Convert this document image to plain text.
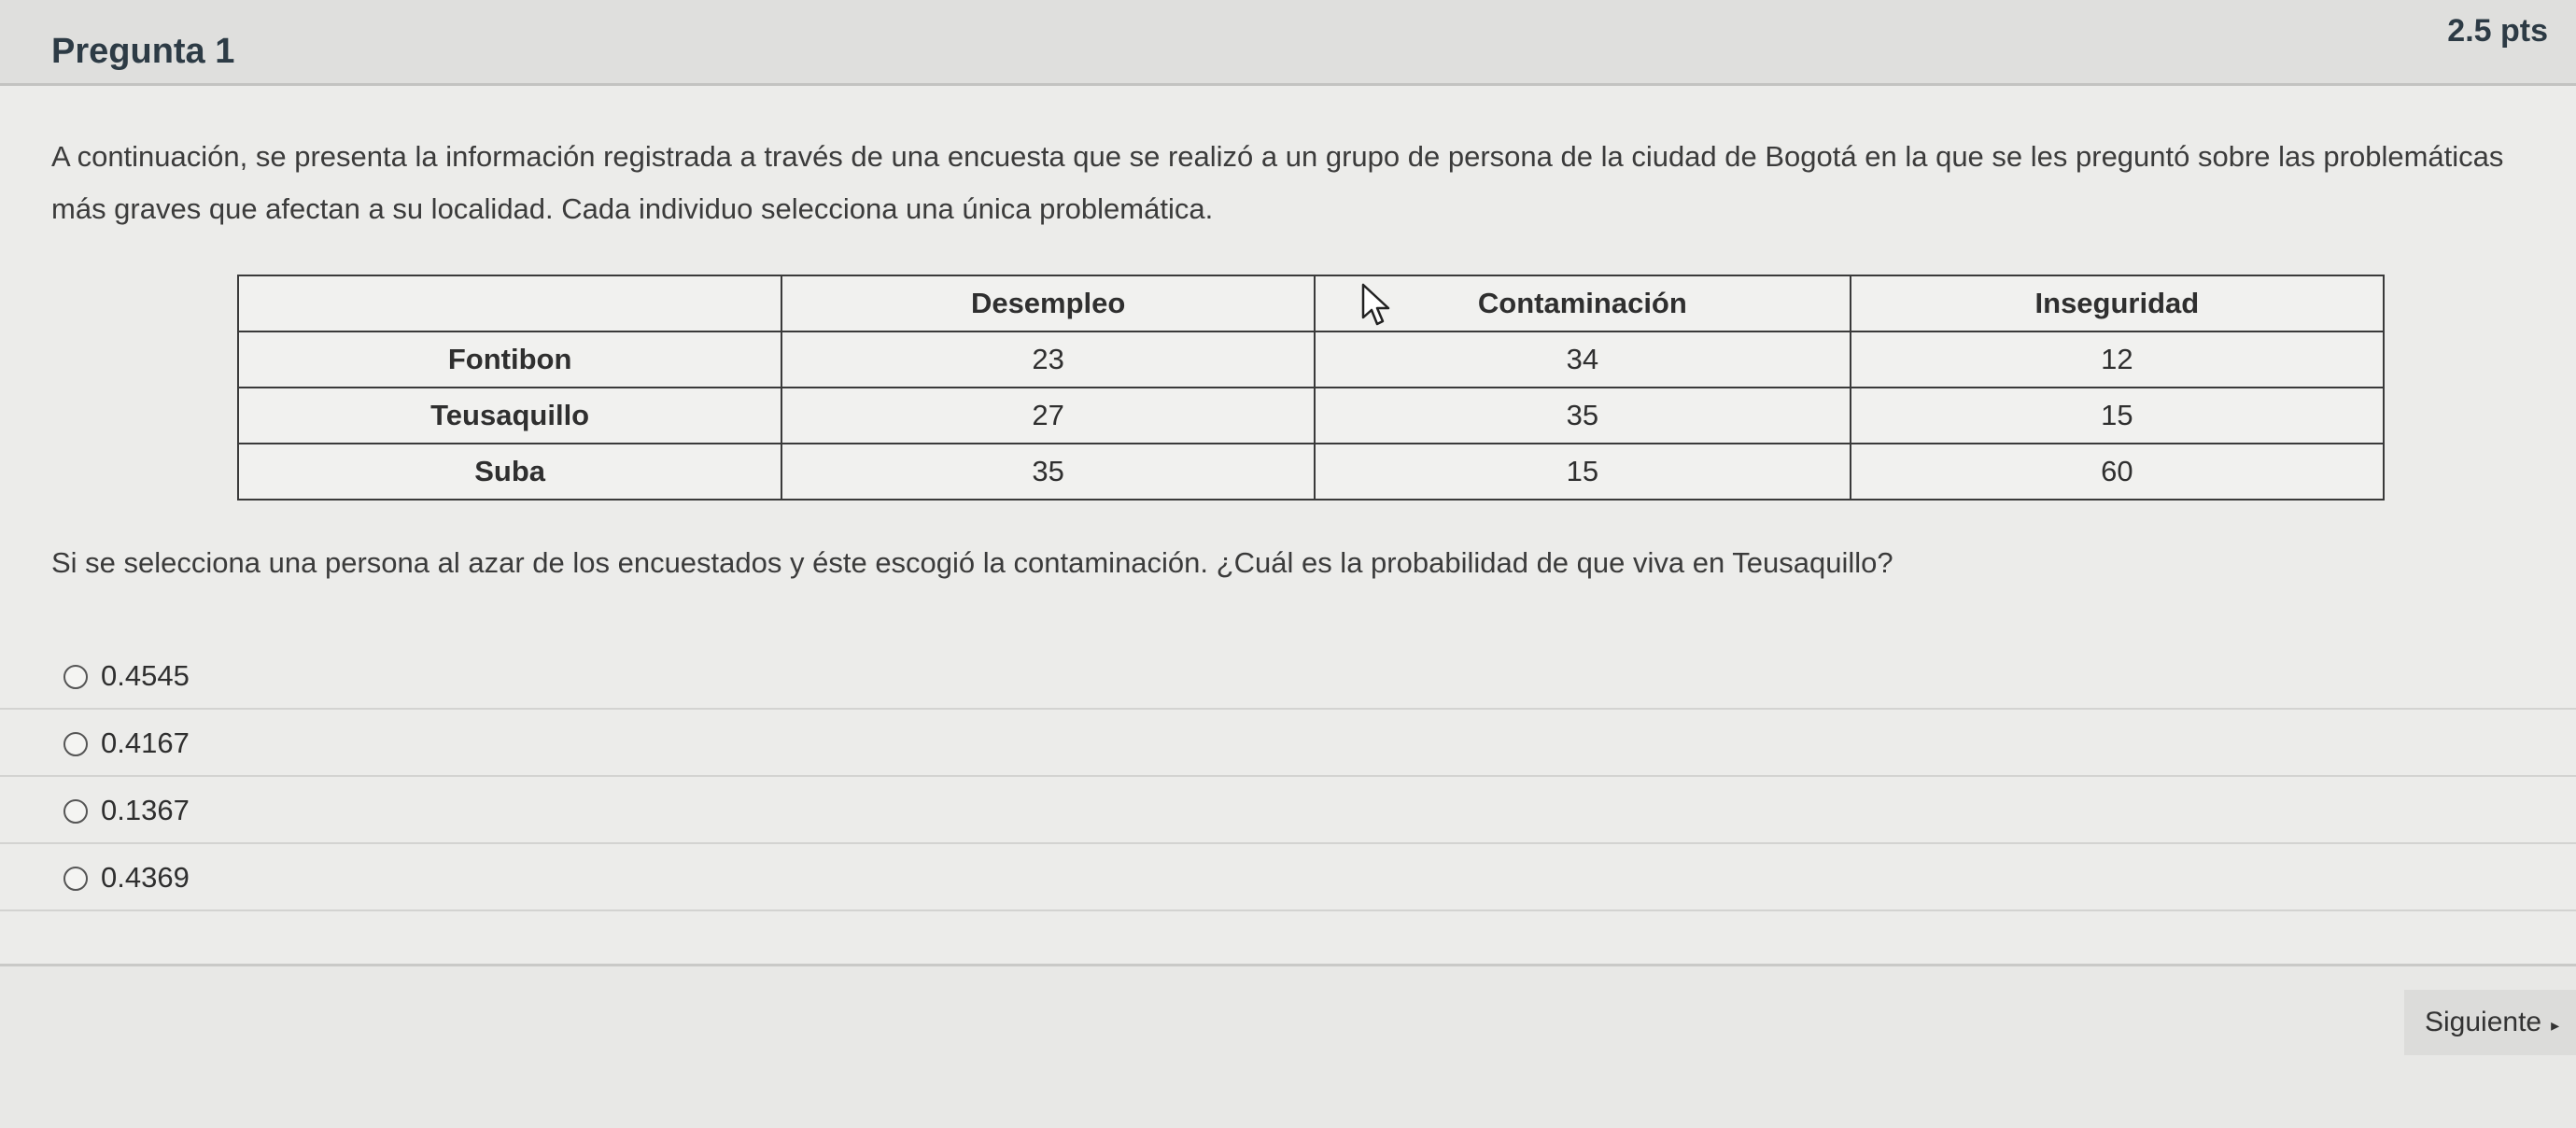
Pregunta 1
2.5 pts
A continuación, se presenta la información registrada a través de una encuesta que se realizó a un grupo de persona de la ciudad de Bogotá en la que se les preguntó sobre las problemáticas más graves que afectan a su localidad. Cada individuo selecciona una única problemática.
	Desempleo	Contaminación	Inseguridad
Fontibon	23	34	12
Teusaquillo	27	35	15
Suba	35	15	60
Si se selecciona una persona al azar de los encuestados y éste escogió la contaminación. ¿Cuál es la probabilidad de que viva en Teusaquillo?
0.4545
0.4167
0.1367
0.4369
Siguiente ▸
